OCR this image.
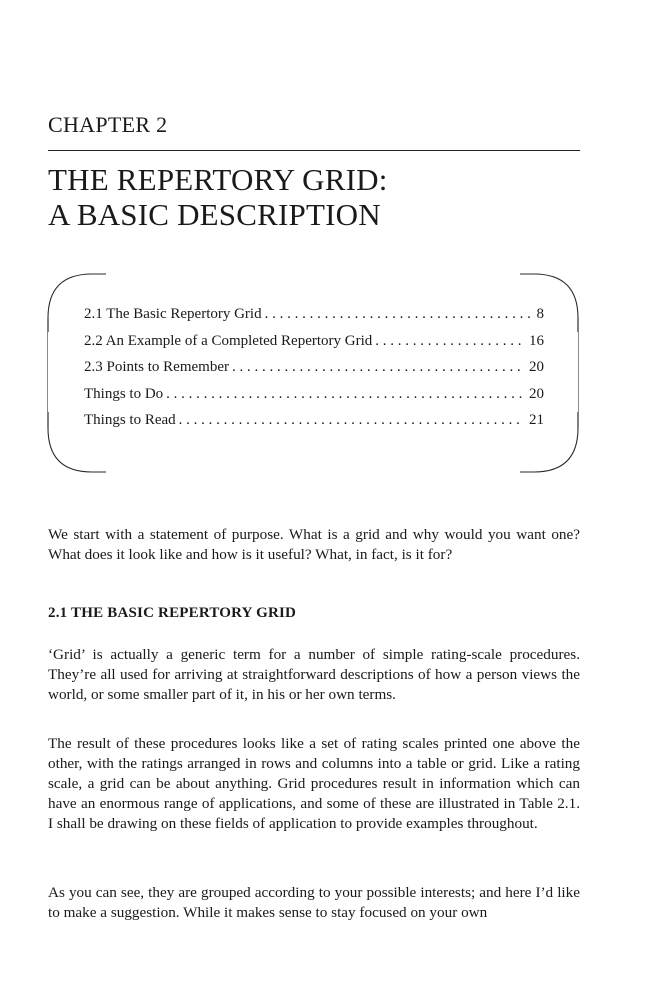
CHAPTER 2
THE REPERTORY GRID:
A BASIC DESCRIPTION
2.1 The Basic Repertory Grid . . .	8
2.2 An Example of a Completed Repertory Grid . . .	16
2.3 Points to Remember . . .	20
Things to Do . . .	20
Things to Read . . .	21

We start with a statement of purpose. What is a grid and why would you want one? What does it look like and how is it useful? What, in fact, is it for?

2.1 THE BASIC REPERTORY GRID

‘Grid’ is actually a generic term for a number of simple rating-scale procedures. They’re all used for arriving at straightforward descriptions of how a person views the world, or some smaller part of it, in his or her own terms.

The result of these procedures looks like a set of rating scales printed one above the other, with the ratings arranged in rows and columns into a table or grid. Like a rating scale, a grid can be about anything. Grid procedures result in information which can have an enormous range of applications, and some of these are illustrated in Table 2.1. I shall be drawing on these fields of application to provide examples throughout.

As you can see, they are grouped according to your possible interests; and here I’d like to make a suggestion. While it makes sense to stay focused on your own
